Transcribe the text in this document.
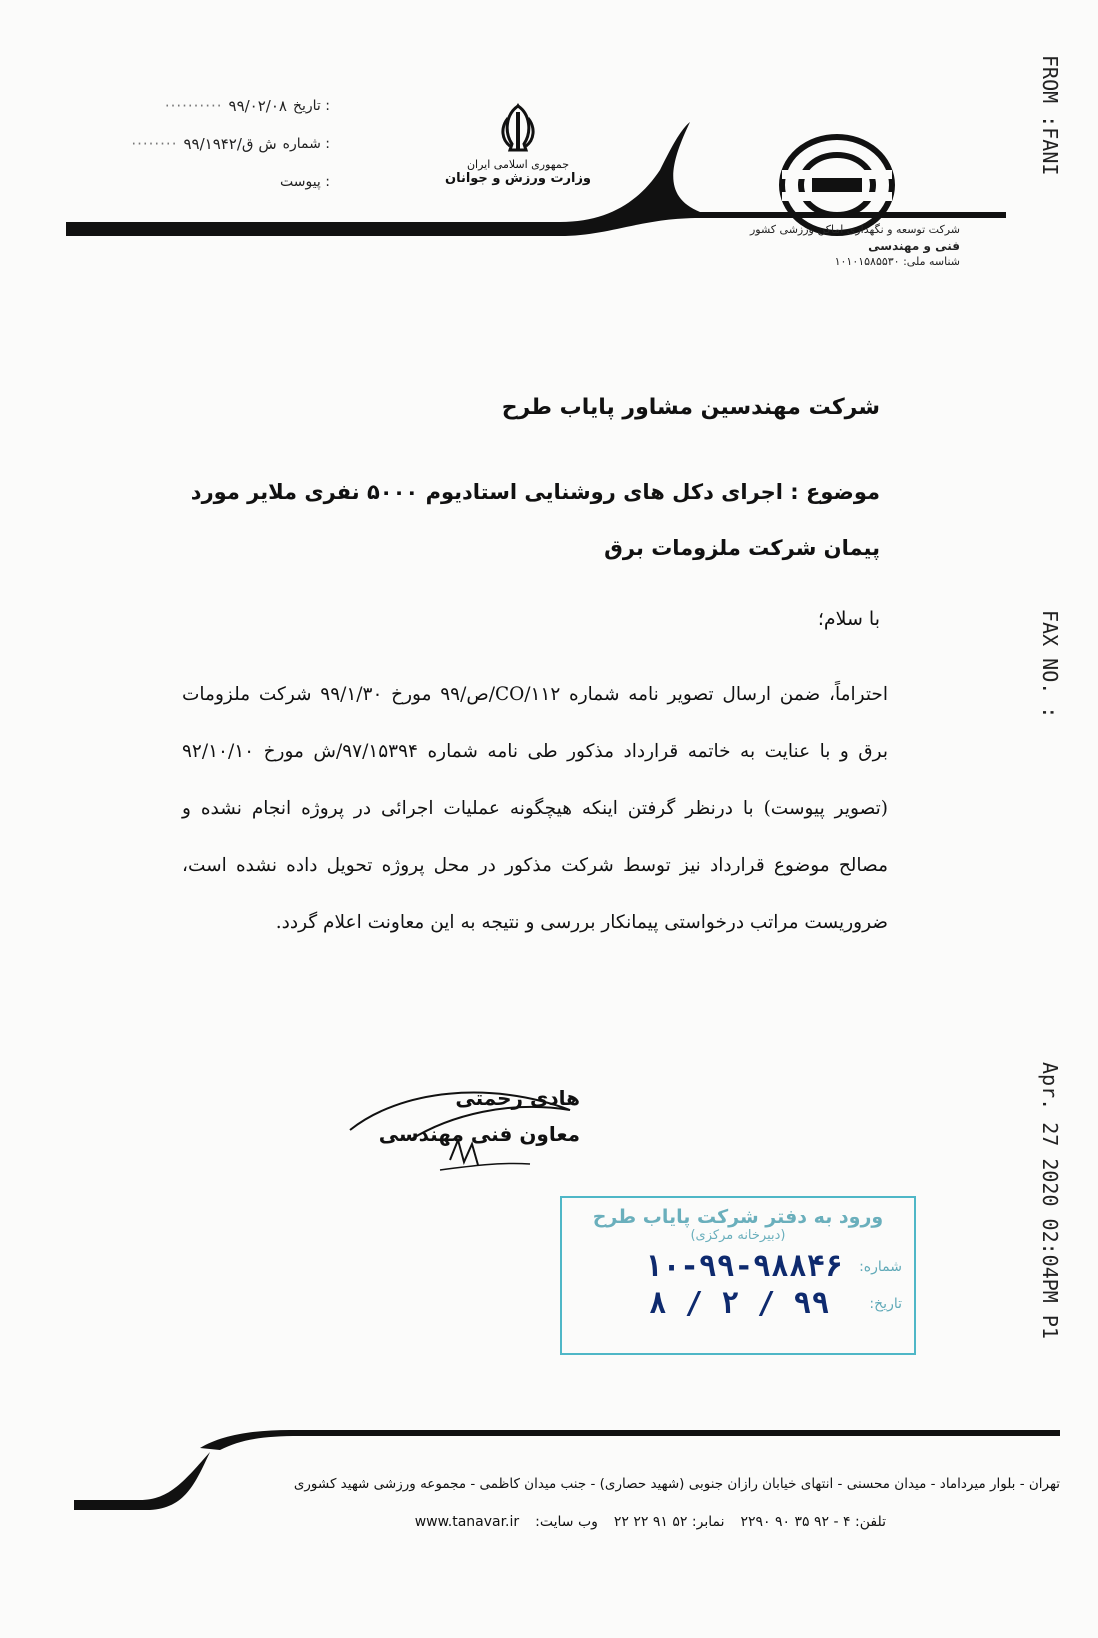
FROM :FANI
FAX NO. :
Apr. 27 2020 02:04PM P1
تاریخ :
۹۹/۰۲/۰۸
··········
شماره :
۹۹/۱۹۴۲/ش ق
········
پیوست :
جمهوری اسلامی ایران
وزارت ورزش و جوانان
شرکت توسعه و نگهداری اماکن ورزشی کشور
فنی و مهندسی
شناسه ملی: ۱۰۱۰۱۵۸۵۵۳۰
شرکت مهندسین مشاور پایاب طرح
موضوع : اجرای دکل های روشنایی استادیوم ۵۰۰۰ نفری ملایر مورد
پیمان شرکت ملزومات برق
با سلام؛
احتراماً، ضمن ارسال تصویر نامه شماره ۱۱۲/CO/ص/۹۹ مورخ ۹۹/۱/۳۰ شرکت ملزومات برق و با عنایت به خاتمه قرارداد مذکور طی نامه شماره ۹۷/۱۵۳۹۴/ش مورخ ۹۲/۱۰/۱۰ (تصویر پیوست) با درنظر گرفتن اینکه هیچگونه عملیات اجرائی در پروژه انجام نشده و مصالح موضوع قرارداد نیز توسط شرکت مذکور در محل پروژه تحویل داده نشده است، ضروریست مراتب درخواستی پیمانکار بررسی و نتیجه به این معاونت اعلام گردد.
هادی رحمتی
معاون فنی مهندسی
ورود به دفتر شرکت پایاب طرح
(دبیرخانه مرکزی)
شماره:
۱۰-۹۹-۹۸۸۴۶
تاریخ:
۹۹ / ۲ / ۸
تهران - بلوار میرداماد - میدان محسنی - انتهای خیابان رازان جنوبی (شهید حصاری) - جنب میدان کاظمی - مجموعه ورزشی شهید کشوری
تلفن: ۴ - ۹۲ ۳۵ ۹۰ ۲۲۹۰
نمابر: ۵۲ ۹۱ ۲۲ ۲۲
وب سایت:
www.tanavar.ir
